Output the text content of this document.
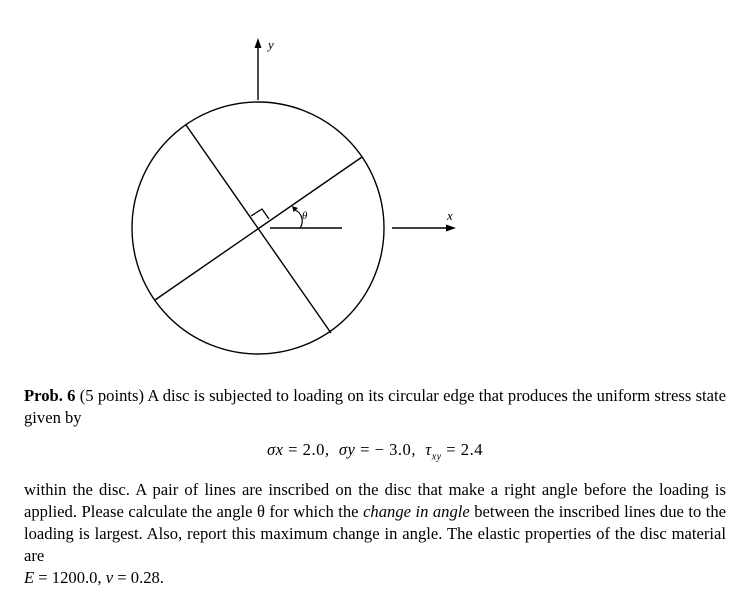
y
x
θ

Prob. 6 (5 points) A disc is subjected to loading on its circular edge that produces the uniform stress state given by

σx = 2.0, σy = − 3.0, $\tau_{xy} = 2.4$

within the disc. A pair of lines are inscribed on the disc that make a right angle before the loading is applied. Please calculate the angle θ for which the change in angle between the inscribed lines due to the loading is largest. Also, report this maximum change in angle. The elastic properties of the disc material are
E = 1200.0, ν = 0.28.
